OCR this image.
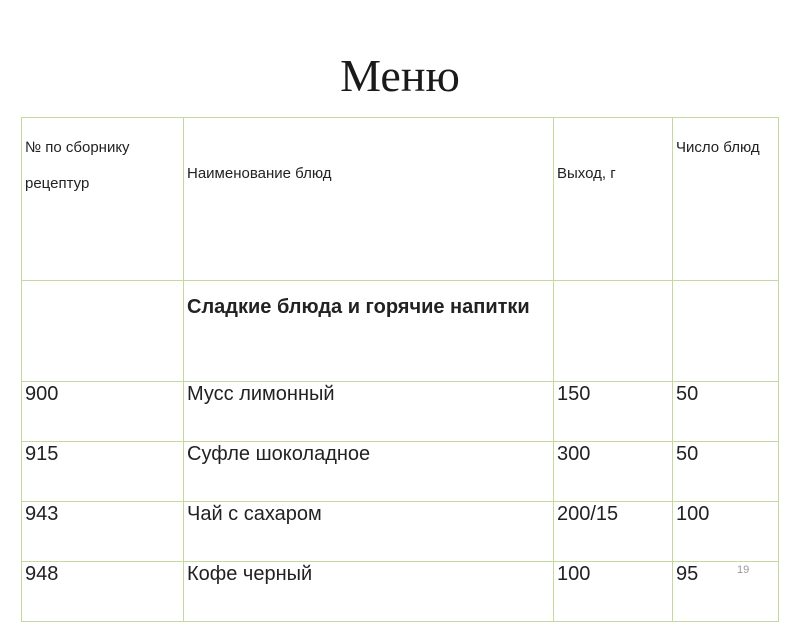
Меню
№ по сборнику рецептур	Наименование блюд	Выход, г	Число блюд
	Сладкие блюда и горячие напитки		
900	Мусс лимонный	150	50
915	Суфле шоколадное	300	50
943	Чай с сахаром	200/15	100
948	Кофе черный	100	95	19
